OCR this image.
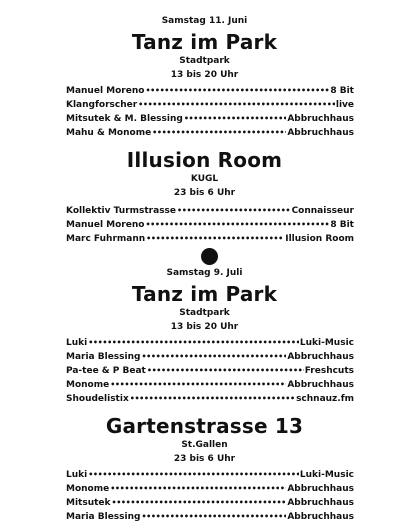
Samstag 11. Juni
Tanz im Park
Stadtpark
13 bis 20 Uhr
Manuel Moreno •••••	8 Bit
Klangforscher •••••	live
Mitsutek & M. Blessing •••••	Abbruchhaus
Mahu & Monome •••••	Abbruchhaus
Illusion Room
KUGL
23 bis 6 Uhr
Kollektiv Turmstrasse •••••	Connaisseur
Manuel Moreno •••••	8 Bit
Marc Fuhrmann •••••	Illusion Room
Samstag 9. Juli
Tanz im Park
Stadtpark
13 bis 20 Uhr
Luki •••••	Luki-Music
Maria Blessing •••••	Abbruchhaus
Pa-tee & P Beat •••••	Freshcuts
Monome •••••	Abbruchhaus
Shoudelistix •••••	schnauz.fm
Gartenstrasse 13
St.Gallen
23 bis 6 Uhr
Luki •••••	Luki-Music
Monome •••••	Abbruchhaus
Mitsutek •••••	Abbruchhaus
Maria Blessing •••••	Abbruchhaus
